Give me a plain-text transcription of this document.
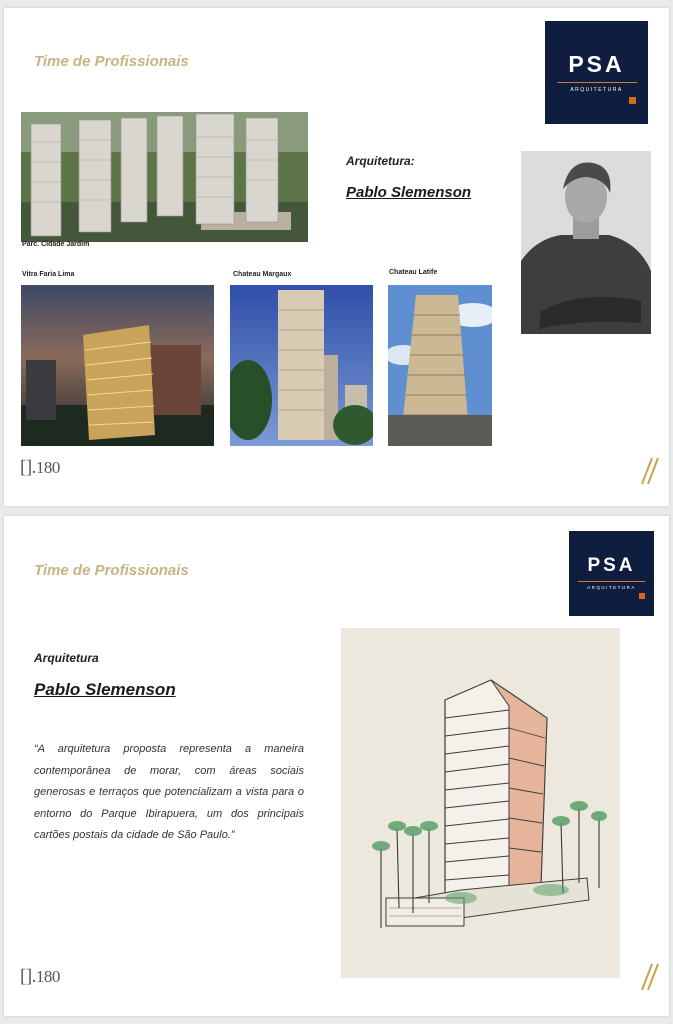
Time de Profissionais	PSA
ARQUITETURA
Parc. Cidade Jardim
Vitra Faria Lima	Chateau Margaux	Chateau Latife
Arquitetura:
Pablo Slemenson
[].180
Time de Profissionais	PSA
ARQUITETURA
Arquitetura
Pablo Slemenson
“A arquitetura proposta representa a maneira contemporânea de morar, com áreas sociais generosas e terraços que potencializam a vista para o entorno do Parque Ibirapuera, um dos principais cartões postais da cidade de São Paulo.”
[].180
